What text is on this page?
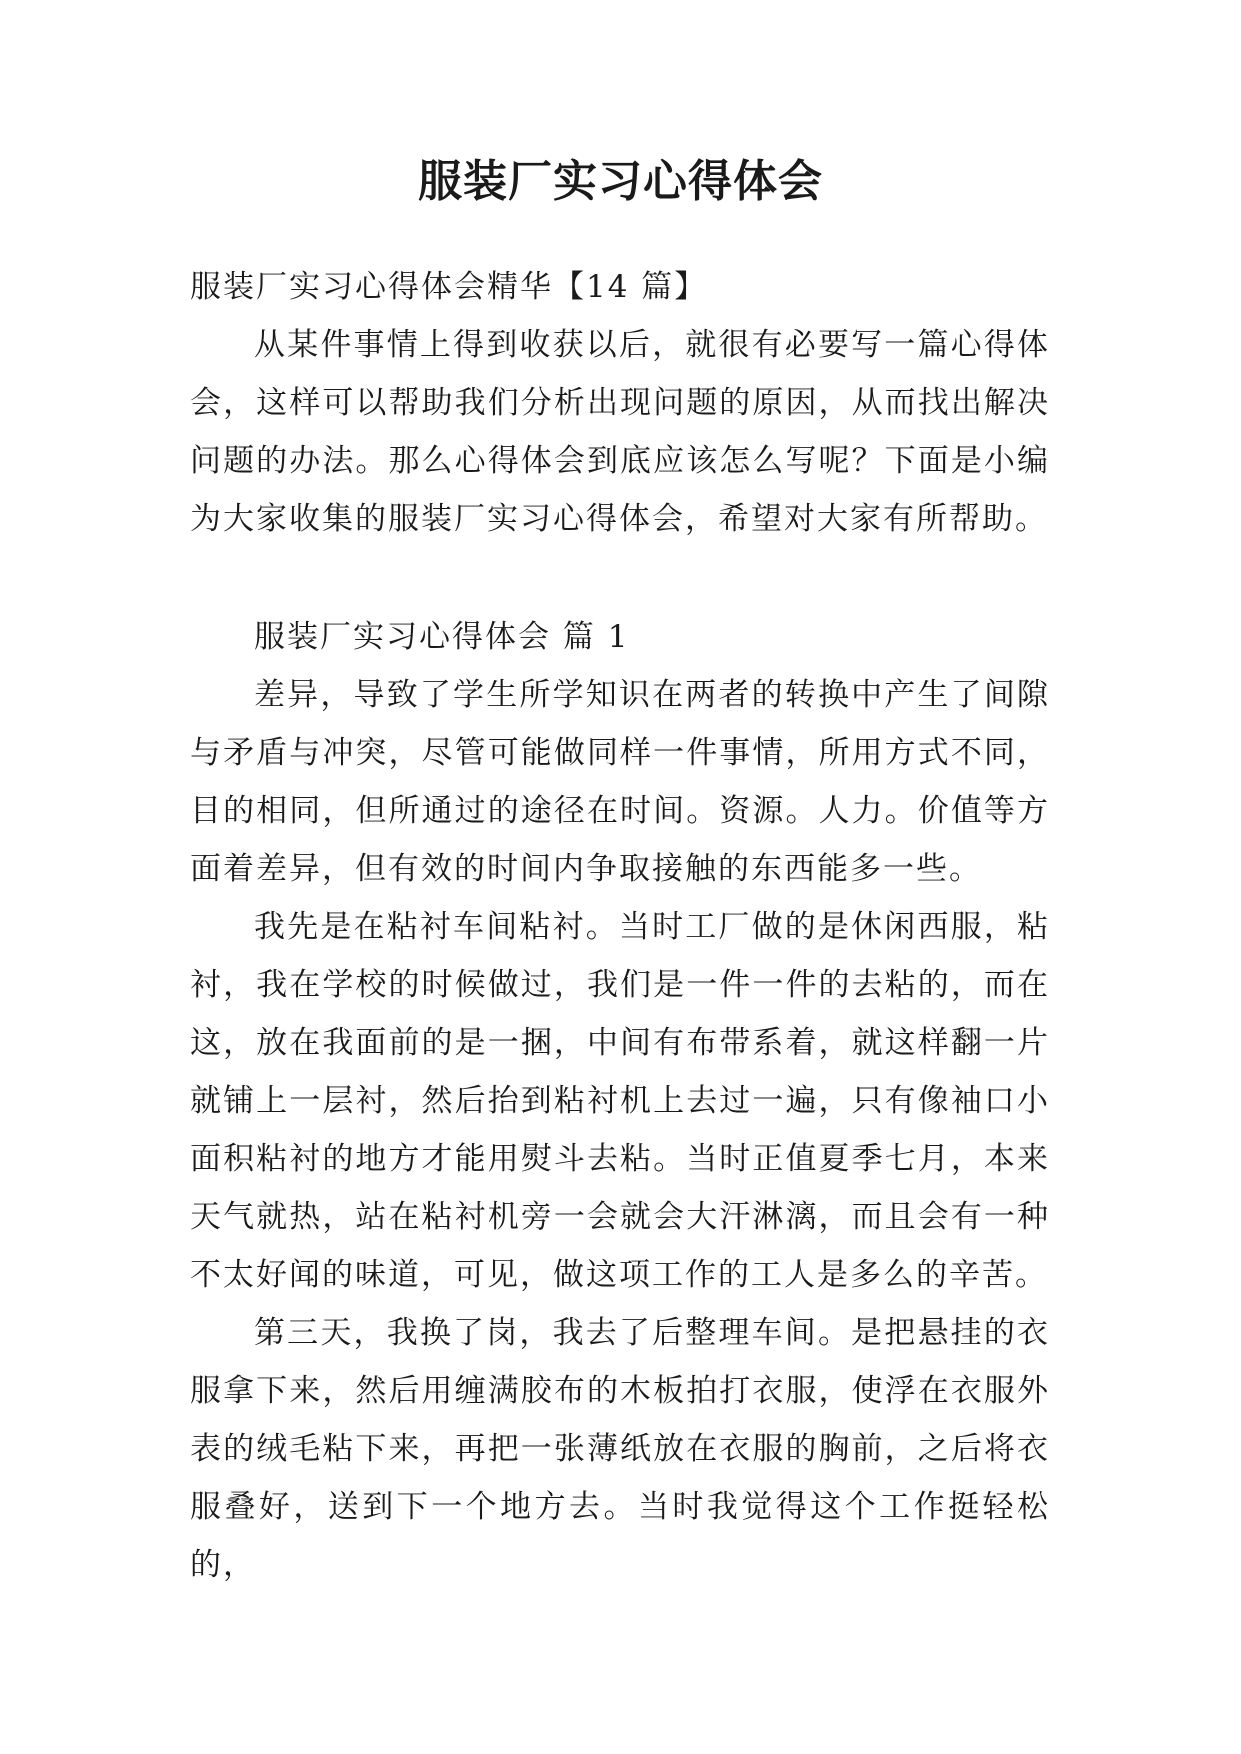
服装厂实习心得体会

服装厂实习心得体会精华【14 篇】

从某件事情上得到收获以后，就很有必要写一篇心得体会，这样可以帮助我们分析出现问题的原因，从而找出解决问题的办法。那么心得体会到底应该怎么写呢？下面是小编为大家收集的服装厂实习心得体会，希望对大家有所帮助。

服装厂实习心得体会 篇 1

差异，导致了学生所学知识在两者的转换中产生了间隙与矛盾与冲突，尽管可能做同样一件事情，所用方式不同，目的相同，但所通过的途径在时间。资源。人力。价值等方面着差异，但有效的时间内争取接触的东西能多一些。

我先是在粘衬车间粘衬。当时工厂做的是休闲西服，粘衬，我在学校的时候做过，我们是一件一件的去粘的，而在这，放在我面前的是一捆，中间有布带系着，就这样翻一片就铺上一层衬，然后抬到粘衬机上去过一遍，只有像袖口小面积粘衬的地方才能用熨斗去粘。当时正值夏季七月，本来天气就热，站在粘衬机旁一会就会大汗淋漓，而且会有一种不太好闻的味道，可见，做这项工作的工人是多么的辛苦。

第三天，我换了岗，我去了后整理车间。是把悬挂的衣服拿下来，然后用缠满胶布的木板拍打衣服，使浮在衣服外表的绒毛粘下来，再把一张薄纸放在衣服的胸前，之后将衣服叠好，送到下一个地方去。当时我觉得这个工作挺轻松的，
